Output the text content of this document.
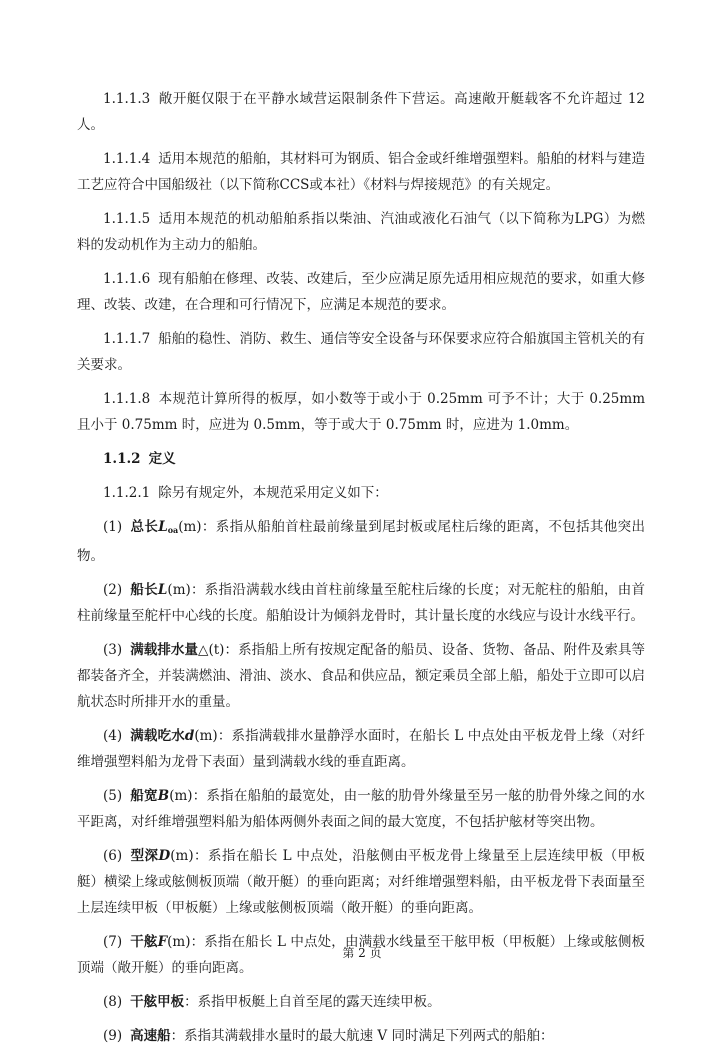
1.1.1.3 敞开艇仅限于在平静水域营运限制条件下营运。高速敞开艇载客不允许超过 12 人。

1.1.1.4 适用本规范的船舶，其材料可为钢质、铝合金或纤维增强塑料。船舶的材料与建造工艺应符合中国船级社（以下简称CCS或本社）《材料与焊接规范》的有关规定。

1.1.1.5 适用本规范的机动船舶系指以柴油、汽油或液化石油气（以下简称为LPG）为燃料的发动机作为主动力的船舶。

1.1.1.6 现有船舶在修理、改装、改建后，至少应满足原先适用相应规范的要求，如重大修理、改装、改建，在合理和可行情况下，应满足本规范的要求。

1.1.1.7 船舶的稳性、消防、救生、通信等安全设备与环保要求应符合船旗国主管机关的有关要求。

1.1.1.8 本规范计算所得的板厚，如小数等于或小于 0.25mm 可予不计；大于 0.25mm 且小于 0.75mm 时，应进为 0.5mm，等于或大于 0.75mm 时，应进为 1.0mm。

1.1.2 定义

1.1.2.1 除另有规定外，本规范采用定义如下：

(1) 总长$L_{oa}(m)$：系指从船舶首柱最前缘量到尾封板或尾柱后缘的距离，不包括其他突出物。

(2) 船长L(m)：系指沿满载水线由首柱前缘量至舵柱后缘的长度；对无舵柱的船舶，由首柱前缘量至舵杆中心线的长度。船舶设计为倾斜龙骨时，其计量长度的水线应与设计水线平行。

(3) 满载排水量△(t)：系指船上所有按规定配备的船员、设备、货物、备品、附件及索具等都装备齐全，并装满燃油、滑油、淡水、食品和供应品，额定乘员全部上船，船处于立即可以启航状态时所排开水的重量。

(4) 满载吃水d(m)：系指满载排水量静浮水面时，在船长 L 中点处由平板龙骨上缘（对纤维增强塑料船为龙骨下表面）量到满载水线的垂直距离。

(5) 船宽B(m)：系指在船舶的最宽处，由一舷的肋骨外缘量至另一舷的肋骨外缘之间的水平距离，对纤维增强塑料船为船体两侧外表面之间的最大宽度，不包括护舷材等突出物。

(6) 型深D(m)：系指在船长 L 中点处，沿舷侧由平板龙骨上缘量至上层连续甲板（甲板艇）横梁上缘或舷侧板顶端（敞开艇）的垂向距离；对纤维增强塑料船，由平板龙骨下表面量至上层连续甲板（甲板艇）上缘或舷侧板顶端（敞开艇）的垂向距离。

(7) 干舷F(m)：系指在船长 L 中点处，由满载水线量至干舷甲板（甲板艇）上缘或舷侧板顶端（敞开艇）的垂向距离。

(8) 干舷甲板：系指甲板艇上自首至尾的露天连续甲板。

(9) 高速船：系指其满载排水量时的最大航速 V 同时满足下列两式的船舶：

第 2 页
